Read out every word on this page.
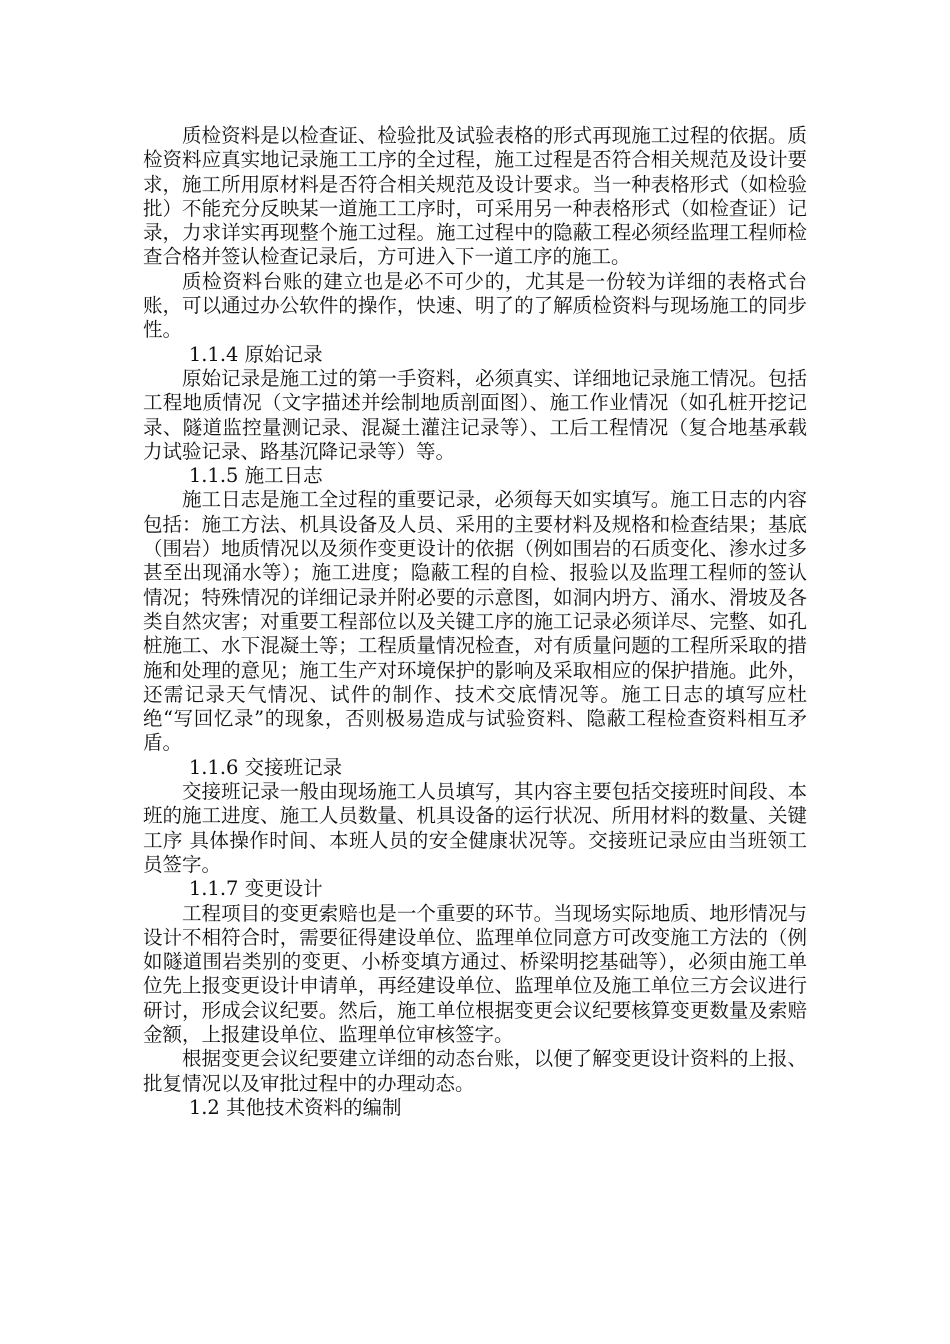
质检资料是以检查证、检验批及试验表格的形式再现施工过程的依据。质检资料应真实地记录施工工序的全过程，施工过程是否符合相关规范及设计要求，施工所用原材料是否符合相关规范及设计要求。当一种表格形式（如检验批）不能充分反映某一道施工工序时，可采用另一种表格形式（如检查证）记录，力求详实再现整个施工过程。施工过程中的隐蔽工程必须经监理工程师检查合格并签认检查记录后，方可进入下一道工序的施工。

质检资料台账的建立也是必不可少的，尤其是一份较为详细的表格式台账，可以通过办公软件的操作，快速、明了的了解质检资料与现场施工的同步性。

1.1.4 原始记录

原始记录是施工过的第一手资料，必须真实、详细地记录施工情况。包括工程地质情况（文字描述并绘制地质剖面图）、施工作业情况（如孔桩开挖记录、隧道监控量测记录、混凝土灌注记录等）、工后工程情况（复合地基承载力试验记录、路基沉降记录等）等。

1.1.5 施工日志

施工日志是施工全过程的重要记录，必须每天如实填写。施工日志的内容包括：施工方法、机具设备及人员、采用的主要材料及规格和检查结果；基底（围岩）地质情况以及须作变更设计的依据（例如围岩的石质变化、渗水过多甚至出现涌水等）；施工进度；隐蔽工程的自检、报验以及监理工程师的签认情况；特殊情况的详细记录并附必要的示意图，如洞内坍方、涌水、滑坡及各类自然灾害；对重要工程部位以及关键工序的施工记录必须详尽、完整、如孔桩施工、水下混凝土等；工程质量情况检查，对有质量问题的工程所采取的措施和处理的意见；施工生产对环境保护的影响及采取相应的保护措施。此外，还需记录天气情况、试件的制作、技术交底情况等。施工日志的填写应杜绝“写回忆录”的现象，否则极易造成与试验资料、隐蔽工程检查资料相互矛盾。

1.1.6 交接班记录

交接班记录一般由现场施工人员填写，其内容主要包括交接班时间段、本班的施工进度、施工人员数量、机具设备的运行状况、所用材料的数量、关键工序 具体操作时间、本班人员的安全健康状况等。交接班记录应由当班领工员签字。

1.1.7 变更设计

工程项目的变更索赔也是一个重要的环节。当现场实际地质、地形情况与设计不相符合时，需要征得建设单位、监理单位同意方可改变施工方法的（例如隧道围岩类别的变更、小桥变填方通过、桥梁明挖基础等），必须由施工单位先上报变更设计申请单，再经建设单位、监理单位及施工单位三方会议进行研讨，形成会议纪要。然后，施工单位根据变更会议纪要核算变更数量及索赔金额，上报建设单位、监理单位审核签字。

根据变更会议纪要建立详细的动态台账，以便了解变更设计资料的上报、批复情况以及审批过程中的办理动态。

1.2 其他技术资料的编制
